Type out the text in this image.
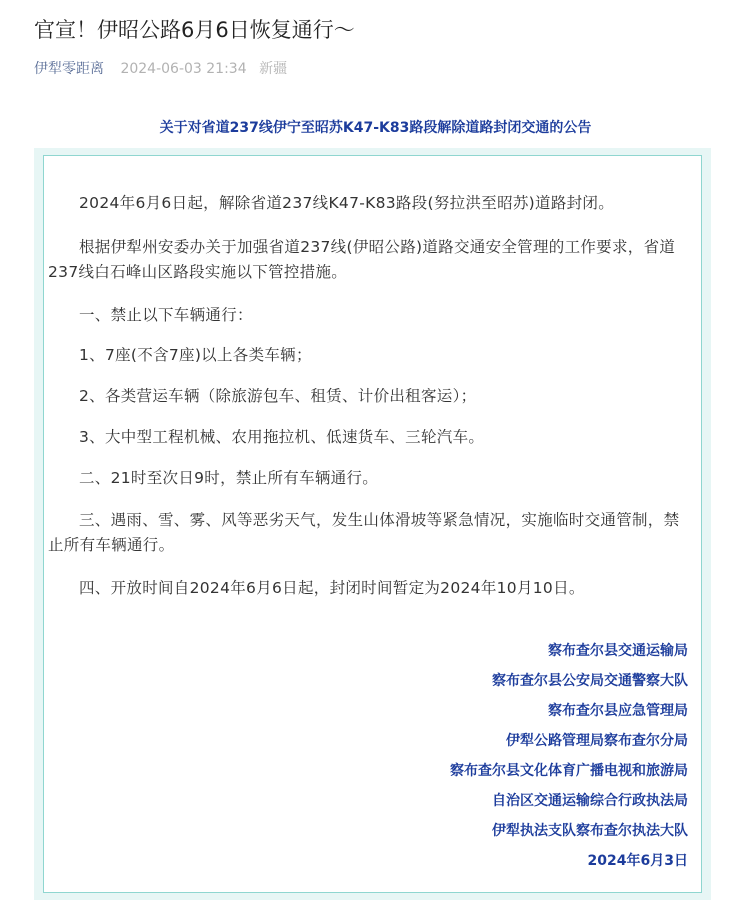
官宣！伊昭公路6月6日恢复通行～
伊犁零距离 2024-06-03 21:34 新疆
关于对省道237线伊宁至昭苏K47-K83路段解除道路封闭交通的公告
2024年6月6日起，解除省道237线K47-K83路段(努拉洪至昭苏)道路封闭。
根据伊犁州安委办关于加强省道237线(伊昭公路)道路交通安全管理的工作要求，省道237线白石峰山区路段实施以下管控措施。
一、禁止以下车辆通行：
1、7座(不含7座)以上各类车辆；
2、各类营运车辆（除旅游包车、租赁、计价出租客运）；
3、大中型工程机械、农用拖拉机、低速货车、三轮汽车。
二、21时至次日9时，禁止所有车辆通行。
三、遇雨、雪、雾、风等恶劣天气，发生山体滑坡等紧急情况，实施临时交通管制，禁止所有车辆通行。
四、开放时间自2024年6月6日起，封闭时间暂定为2024年10月10日。
察布查尔县交通运输局
察布查尔县公安局交通警察大队
察布查尔县应急管理局
伊犁公路管理局察布查尔分局
察布查尔县文化体育广播电视和旅游局
自治区交通运输综合行政执法局
伊犁执法支队察布查尔执法大队
2024年6月3日
